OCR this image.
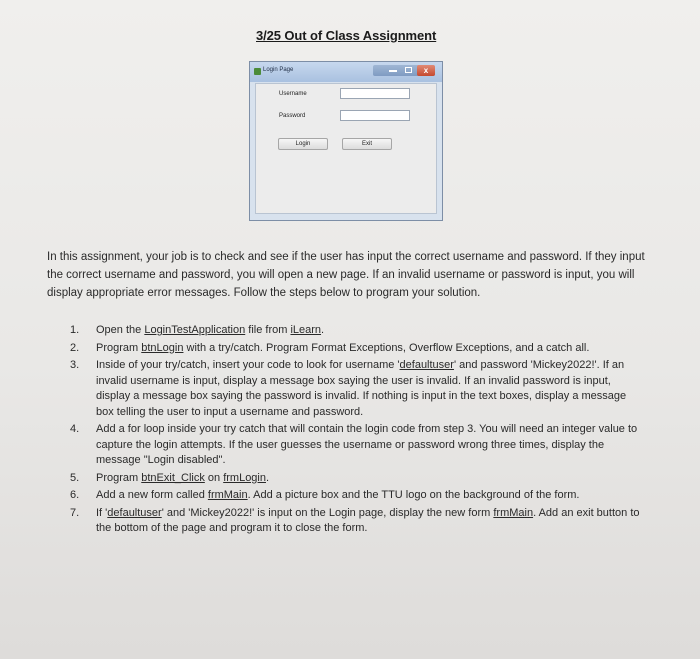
3/25 Out of Class Assignment
Login Page	x
Username
Password
Login	Exit

In this assignment, your job is to check and see if the user has input the correct username and password. If they input the correct username and password, you will open a new page. If an invalid username or password is input, you will display appropriate error messages. Follow the steps below to program your solution.

1. Open the LoginTestApplication file from iLearn.
2. Program btnLogin with a try/catch. Program Format Exceptions, Overflow Exceptions, and a catch all.
3. Inside of your try/catch, insert your code to look for username 'defaultuser' and password 'Mickey2022!'. If an invalid username is input, display a message box saying the user is invalid. If an invalid password is input, display a message box saying the password is invalid. If nothing is input in the text boxes, display a message box telling the user to input a username and password.
4. Add a for loop inside your try catch that will contain the login code from step 3. You will need an integer value to capture the login attempts. If the user guesses the username or password wrong three times, display the message "Login disabled".
5. Program btnExit_Click on frmLogin.
6. Add a new form called frmMain. Add a picture box and the TTU logo on the background of the form.
7. If 'defaultuser' and 'Mickey2022!' is input on the Login page, display the new form frmMain. Add an exit button to the bottom of the page and program it to close the form.
